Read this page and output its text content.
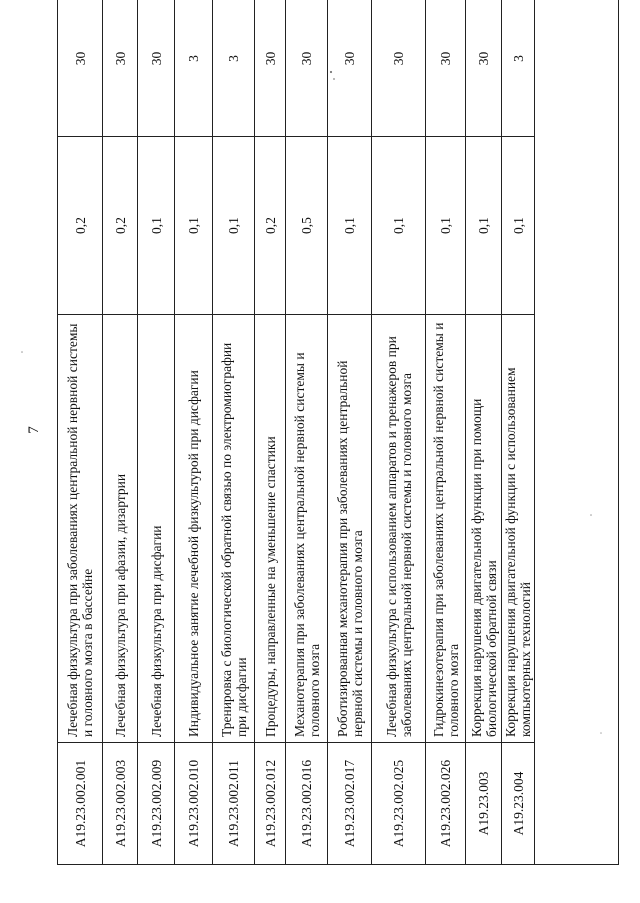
7
A19.23.002.001	Лечебная физкультура при заболеваниях центральной нервной системы и головного мозга в бассейне	0,2	30
A19.23.002.003	Лечебная физкультура при афазии, дизартрии	0,2	30
A19.23.002.009	Лечебная физкультура при дисфагии	0,1	30
A19.23.002.010	Индивидуальное занятие лечебной физкультурой при дисфагии	0,1	3
A19.23.002.011	Тренировка с биологической обратной связью по электромиографии при дисфагии	0,1	3
A19.23.002.012	Процедуры, направленные на уменьшение спастики	0,2	30
A19.23.002.016	Механотерапия при заболеваниях центральной нервной системы и головного мозга	0,5	30
A19.23.002.017	Роботизированная механотерапия при заболеваниях центральной нервной системы и головного мозга	0,1	30
A19.23.002.025	Лечебная физкультура с использованием аппаратов и тренажеров при заболеваниях центральной нервной системы и головного мозга	0,1	30
A19.23.002.026	Гидрокинезотерапия при заболеваниях центральной нервной системы и головного мозга	0,1	30
A19.23.003	Коррекция нарушения двигательной функции при помощи биологической обратной связи	0,1	30
A19.23.004	Коррекция нарушения двигательной функции с использованием компьютерных технологий	0,1	3
